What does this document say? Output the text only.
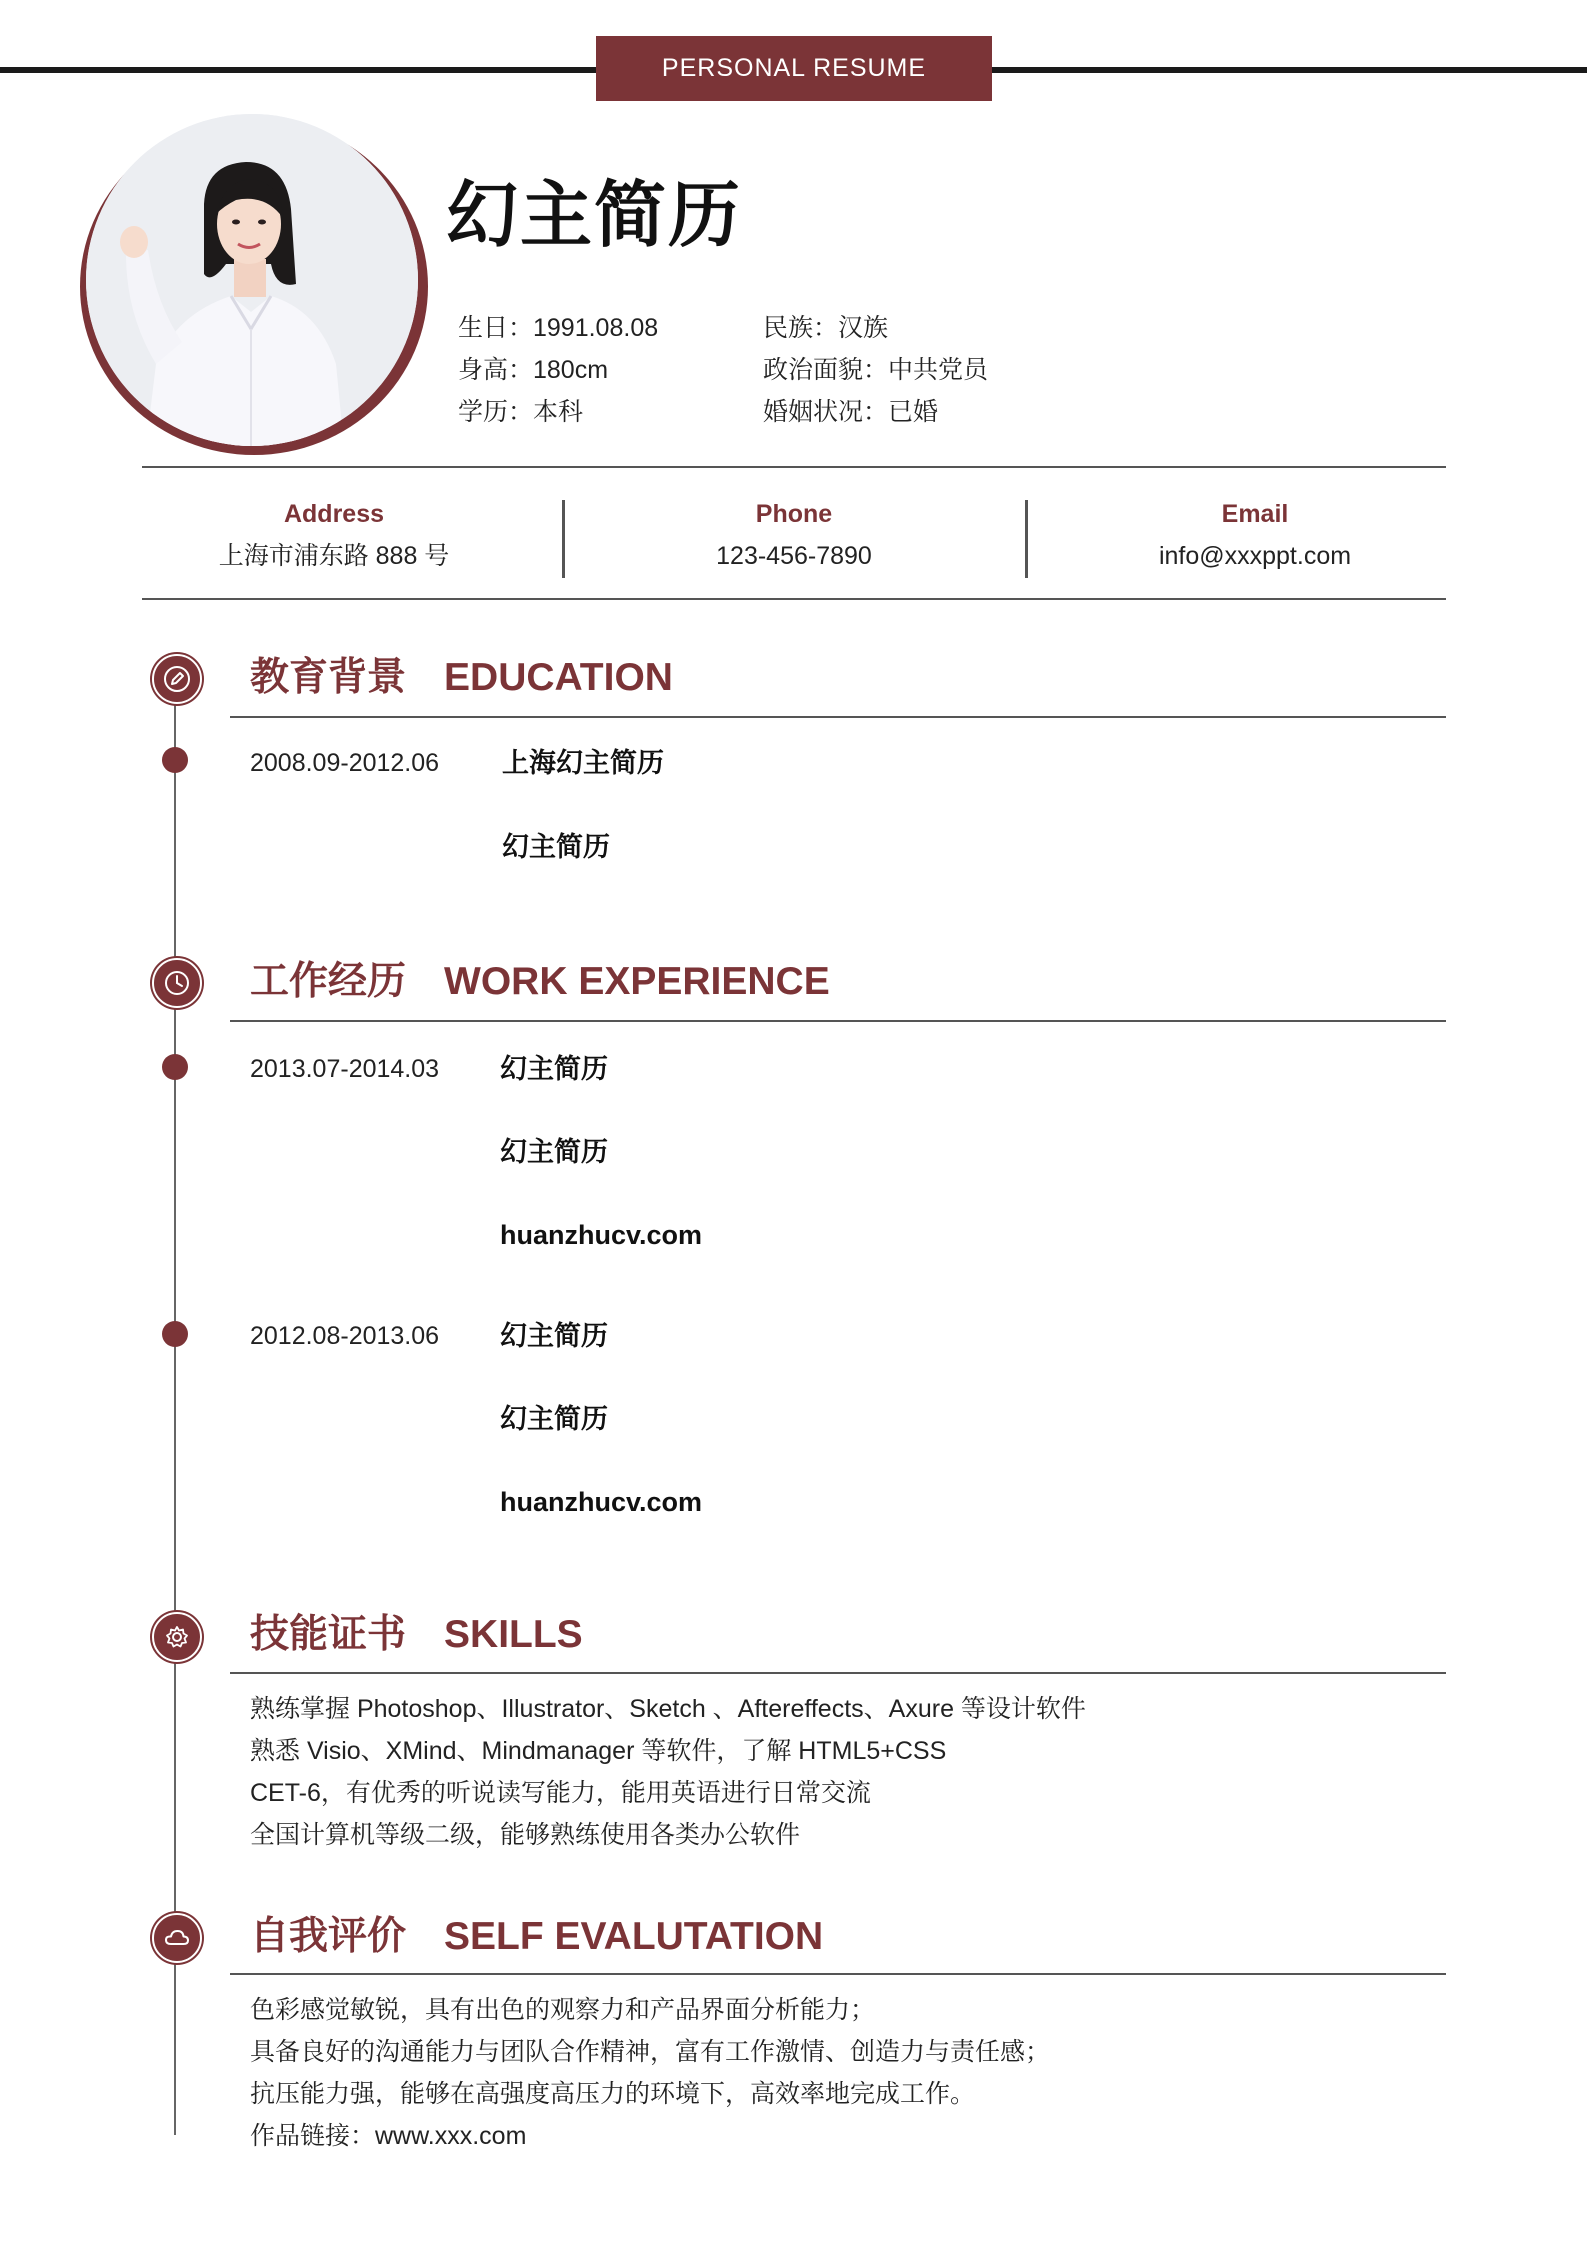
PERSONAL RESUME
幻主简历
生日：1991.08.08
身高：180cm
学历：本科
民族：汉族
政治面貌：中共党员
婚姻状况：已婚
Address
上海市浦东路 888 号
Phone
123-456-7890
Email
info@xxxppt.com
教育背景 EDUCATION
2008.09-2012.06 上海幻主简历
幻主简历
工作经历 WORK EXPERIENCE
2013.07-2014.03 幻主简历
幻主简历
huanzhucv.com
2012.08-2013.06 幻主简历
幻主简历
huanzhucv.com
技能证书 SKILLS
熟练掌握 Photoshop、Illustrator、Sketch 、Aftereffects、Axure 等设计软件
熟悉 Visio、XMind、Mindmanager 等软件，了解 HTML5+CSS
CET-6，有优秀的听说读写能力，能用英语进行日常交流
全国计算机等级二级，能够熟练使用各类办公软件
自我评价 SELF EVALUTATION
色彩感觉敏锐，具有出色的观察力和产品界面分析能力；
具备良好的沟通能力与团队合作精神，富有工作激情、创造力与责任感；
抗压能力强，能够在高强度高压力的环境下，高效率地完成工作。
作品链接：www.xxx.com
